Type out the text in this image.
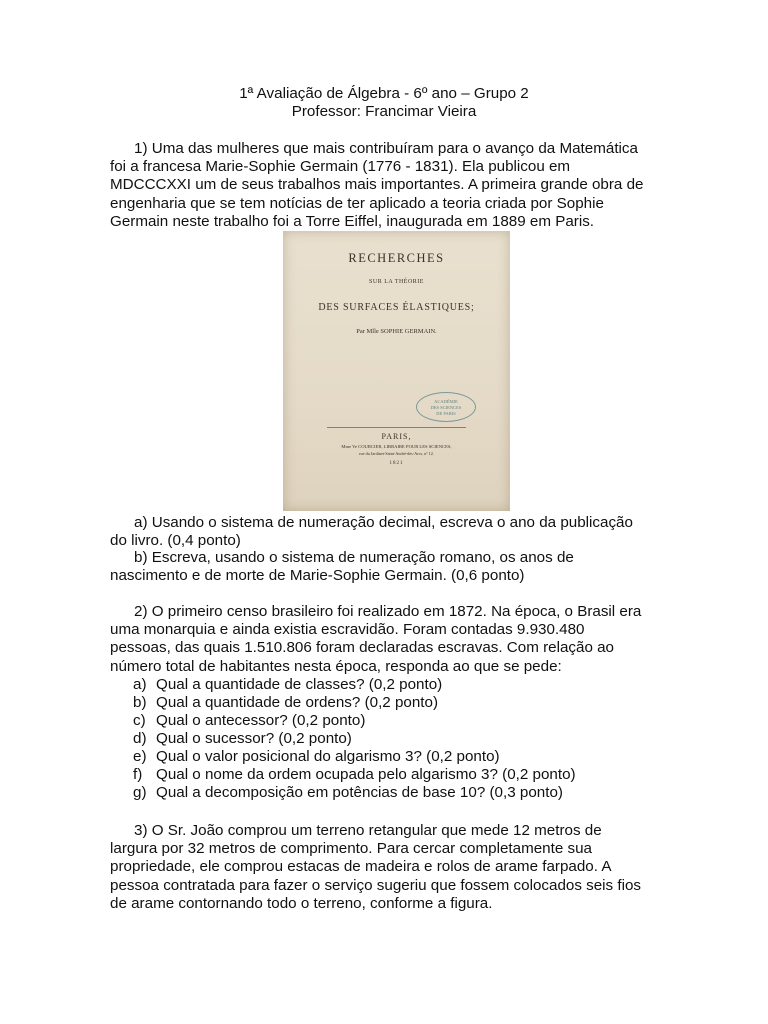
1ª Avaliação de Álgebra - 6º ano – Grupo 2
Professor: Francimar Vieira
1) Uma das mulheres que mais contribuíram para o avanço da Matemática
foi a francesa Marie-Sophie Germain (1776 - 1831). Ela publicou em
MDCCCXXI um de seus trabalhos mais importantes. A primeira grande obra de
engenharia que se tem notícias de ter aplicado a teoria criada por Sophie
Germain neste trabalho foi a Torre Eiffel, inaugurada em 1889 em Paris.
RECHERCHES
SUR LA THÉORIE
DES SURFACES ÉLASTIQUES;
Par Mlle SOPHIE GERMAIN.
ACADÉMIE
DES SCIENCES
DE PARIS
PARIS,
Mme Ve COURCIER, LIBRAIRE POUR LES SCIENCES,
rue du Jardinet-Saint-André-des-Arcs, nº 12.
1821
a) Usando o sistema de numeração decimal, escreva o ano da publicação
do livro. (0,4 ponto)
b) Escreva, usando o sistema de numeração romano, os anos de
nascimento e de morte de Marie-Sophie Germain. (0,6 ponto)
2) O primeiro censo brasileiro foi realizado em 1872. Na época, o Brasil era
uma monarquia e ainda existia escravidão. Foram contadas 9.930.480
pessoas, das quais 1.510.806 foram declaradas escravas. Com relação ao
número total de habitantes nesta época, responda ao que se pede:
a) Qual a quantidade de classes? (0,2 ponto)
b) Qual a quantidade de ordens? (0,2 ponto)
c) Qual o antecessor? (0,2 ponto)
d) Qual o sucessor? (0,2 ponto)
e) Qual o valor posicional do algarismo 3? (0,2 ponto)
f) Qual o nome da ordem ocupada pelo algarismo 3? (0,2 ponto)
g) Qual a decomposição em potências de base 10? (0,3 ponto)
3) O Sr. João comprou um terreno retangular que mede 12 metros de
largura por 32 metros de comprimento. Para cercar completamente sua
propriedade, ele comprou estacas de madeira e rolos de arame farpado. A
pessoa contratada para fazer o serviço sugeriu que fossem colocados seis fios
de arame contornando todo o terreno, conforme a figura.
